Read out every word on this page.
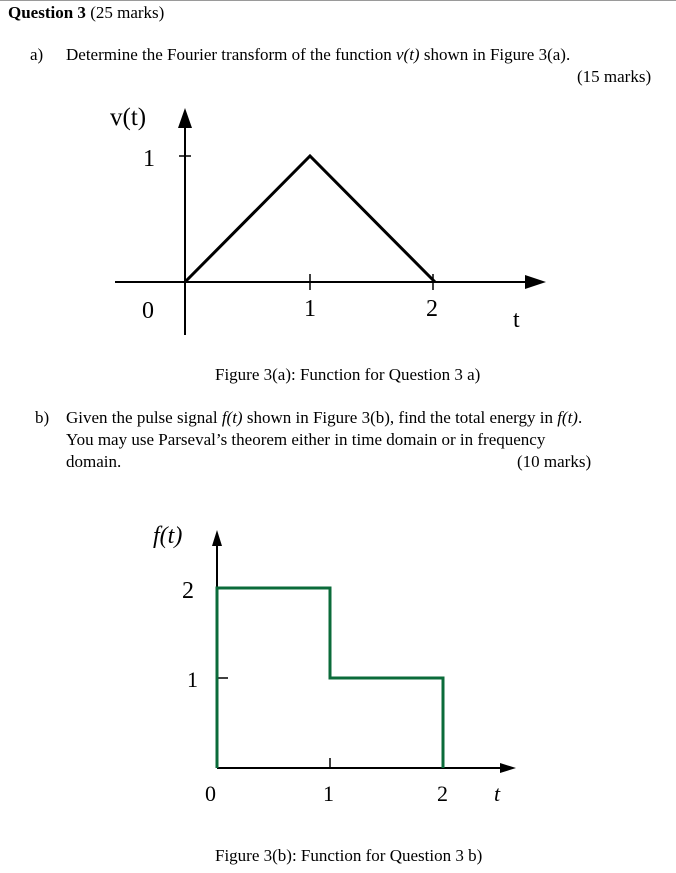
Question 3 (25 marks)
a) Determine the Fourier transform of the function v(t) shown in Figure 3(a).
(15 marks)
v(t)
1
0	1	2	t
Figure 3(a): Function for Question 3 a)
b) Given the pulse signal f(t) shown in Figure 3(b), find the total energy in f(t).
You may use Parseval’s theorem either in time domain or in frequency
domain.	(10 marks)
f(t)
2
1
0	1	2 t
Figure 3(b): Function for Question 3 b)
